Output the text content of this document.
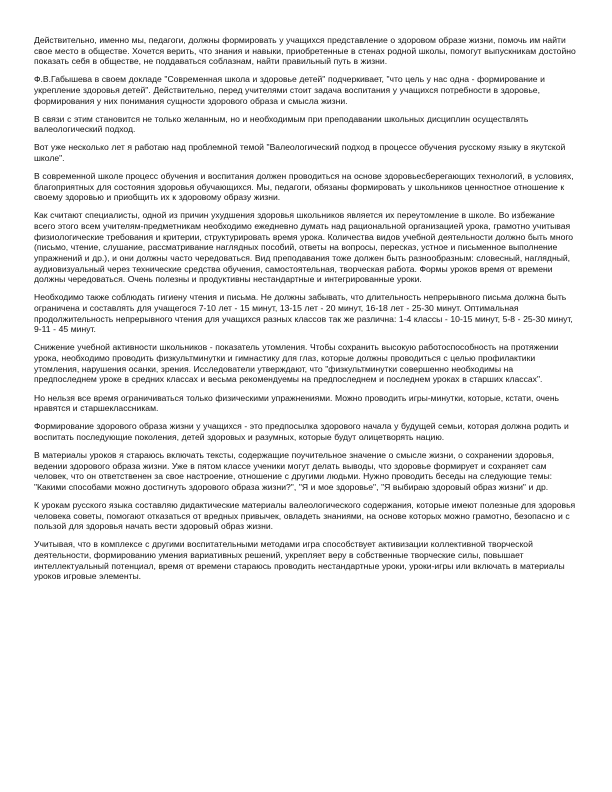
Действительно, именно мы, педагоги, должны формировать у учащихся представление о здоровом образе жизни, помочь им найти свое место в обществе. Хочется верить, что знания и навыки, приобретенные в стенах родной школы, помогут выпускникам достойно показать себя в обществе, не поддаваться соблазнам, найти правильный путь в жизни.

Ф.В.Габышева в своем докладе "Современная школа и здоровье детей" подчеркивает, "что цель у нас одна - формирование и укрепление здоровья детей". Действительно, перед учителями стоит задача воспитания у учащихся потребности в здоровье, формирования у них понимания сущности здорового образа и смысла жизни.

В связи с этим становится не только желанным, но и необходимым при преподавании школьных дисциплин осуществлять валеологический подход.

Вот уже несколько лет я работаю над проблемной темой "Валеологический подход в процессе обучения русскому языку в якутской школе".

В современной школе процесс обучения и воспитания должен проводиться на основе здоровьесберегающих технологий, в условиях, благоприятных для состояния здоровья обучающихся. Мы, педагоги, обязаны формировать у школьников ценностное отношение к своему здоровью и приобщить их к здоровому образу жизни.

Как считают специалисты, одной из причин ухудшения здоровья школьников является их переутомление в школе. Во избежание всего этого всем учителям-предметникам необходимо ежедневно думать над рациональной организацией урока, грамотно учитывая физиологические требования и критерии, структурировать время урока. Количества видов учебной деятельности должно быть много (письмо, чтение, слушание, рассматривание наглядных пособий, ответы на вопросы, пересказ, устное и письменное выполнение упражнений и др.), и они должны часто чередоваться. Вид преподавания тоже должен быть разнообразным: словесный, наглядный, аудиовизуальный через технические средства обучения, самостоятельная, творческая работа. Формы уроков время от времени должны чередоваться. Очень полезны и продуктивны нестандартные и интегрированные уроки.

Необходимо также соблюдать гигиену чтения и письма. Не должны забывать, что длительность непрерывного письма должна быть ограничена и составлять для учащегося 7-10 лет - 15 минут, 13-15 лет - 20 минут, 16-18 лет - 25-30 минут. Оптимальная продолжительность непрерывного чтения для учащихся разных классов так же различна: 1-4 классы - 10-15 минут, 5-8 - 25-30 минут, 9-11 - 45 минут.

Снижение учебной активности школьников - показатель утомления. Чтобы сохранить высокую работоспособность на протяжении урока, необходимо проводить физкультминутки и гимнастику для глаз, которые должны проводиться с целью профилактики утомления, нарушения осанки, зрения. Исследователи утверждают, что "физкультминутки совершенно необходимы на предпоследнем уроке в средних классах и весьма рекомендуемы на предпоследнем и последнем уроках в старших классах".

Но нельзя все время ограничиваться только физическими упражнениями. Можно проводить игры-минутки, которые, кстати, очень нравятся и старшеклассникам.

Формирование здорового образа жизни у учащихся - это предпосылка здорового начала у будущей семьи, которая должна родить и воспитать последующие поколения, детей здоровых и разумных, которые будут олицетворять нацию.

В материалы уроков я стараюсь включать тексты, содержащие поучительное значение о смысле жизни, о сохранении здоровья, ведении здорового образа жизни. Уже в пятом классе ученики могут делать выводы, что здоровье формирует и сохраняет сам человек, что он ответственен за свое настроение, отношение с другими людьми. Нужно проводить беседы на следующие темы: "Какими способами можно достигнуть здорового образа жизни?", "Я и мое здоровье", "Я выбираю здоровый образ жизни" и др.

К урокам русского языка составляю дидактические материалы валеологического содержания, которые имеют полезные для здоровья человека советы, помогают отказаться от вредных привычек, овладеть знаниями, на основе которых можно грамотно, безопасно и с пользой для здоровья начать вести здоровый образ жизни.

Учитывая, что в комплексе с другими воспитательными методами игра способствует активизации коллективной творческой деятельности, формированию умения вариативных решений, укрепляет веру в собственные творческие силы, повышает интеллектуальный потенциал, время от времени стараюсь проводить нестандартные уроки, уроки-игры или включать в материалы уроков игровые элементы.
